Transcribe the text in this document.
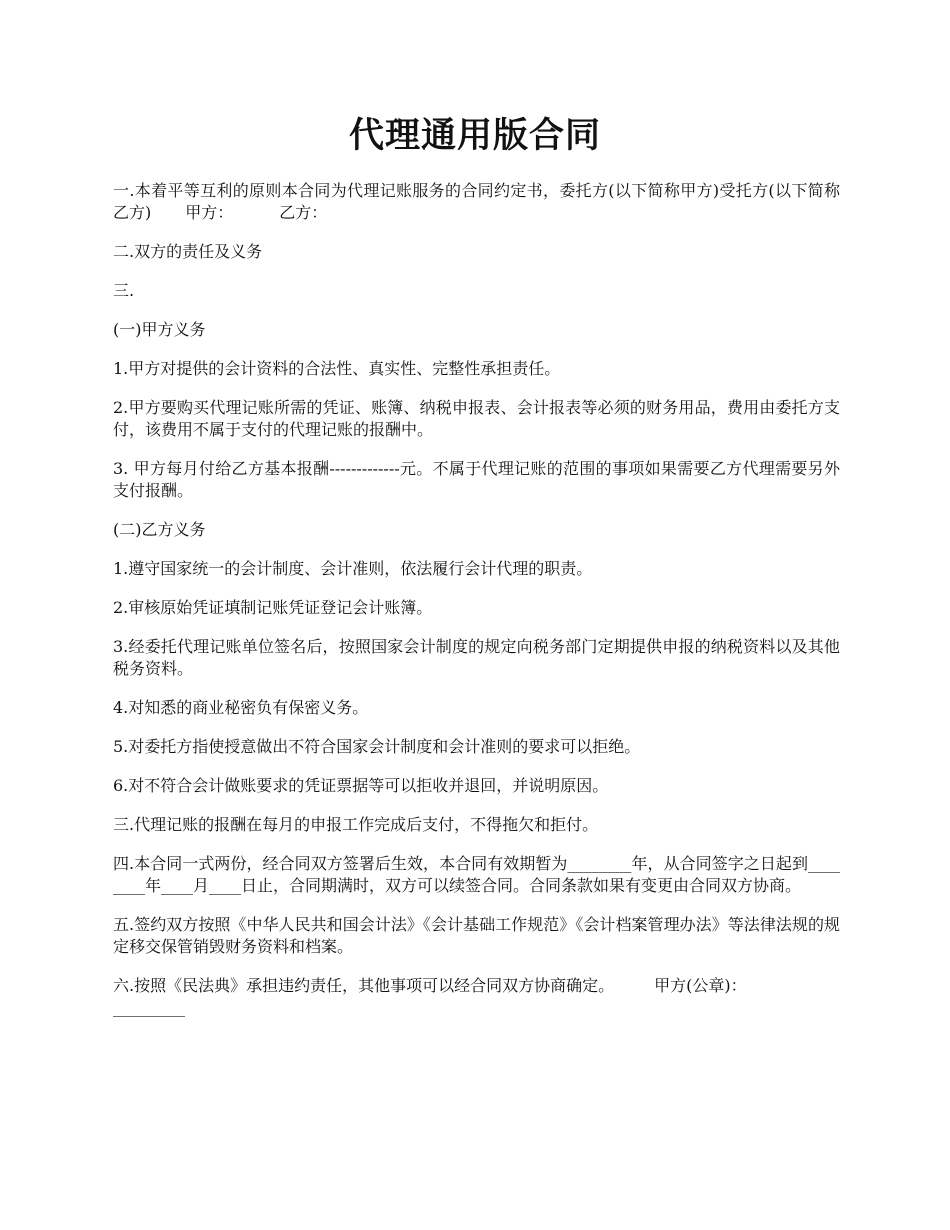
代理通用版合同

一.本着平等互利的原则本合同为代理记账服务的合同约定书，委托方(以下简称甲方)受托方(以下简称乙方) 甲方：	乙方：

二.双方的责任及义务

三.

(一)甲方义务

1.甲方对提供的会计资料的合法性、真实性、完整性承担责任。

2.甲方要购买代理记账所需的凭证、账簿、纳税申报表、会计报表等必须的财务用品，费用由委托方支付，该费用不属于支付的代理记账的报酬中。

3. 甲方每月付给乙方基本报酬-------------元。不属于代理记账的范围的事项如果需要乙方代理需要另外支付报酬。

(二)乙方义务

1.遵守国家统一的会计制度、会计准则，依法履行会计代理的职责。

2.审核原始凭证填制记账凭证登记会计账簿。

3.经委托代理记账单位签名后，按照国家会计制度的规定向税务部门定期提供申报的纳税资料以及其他税务资料。

4.对知悉的商业秘密负有保密义务。

5.对委托方指使授意做出不符合国家会计制度和会计准则的要求可以拒绝。

6.对不符合会计做账要求的凭证票据等可以拒收并退回，并说明原因。

三.代理记账的报酬在每月的申报工作完成后支付，不得拖欠和拒付。

四.本合同一式两份，经合同双方签署后生效，本合同有效期暂为________年，从合同签字之日起到________年____月____日止，合同期满时，双方可以续签合同。合同条款如果有变更由合同双方协商。

五.签约双方按照《中华人民共和国会计法》《会计基础工作规范》《会计档案管理办法》等法律法规的规定移交保管销毁财务资料和档案。

六.按照《民法典》承担违约责任，其他事项可以经合同双方协商确定。	甲方(公章)：
_________
